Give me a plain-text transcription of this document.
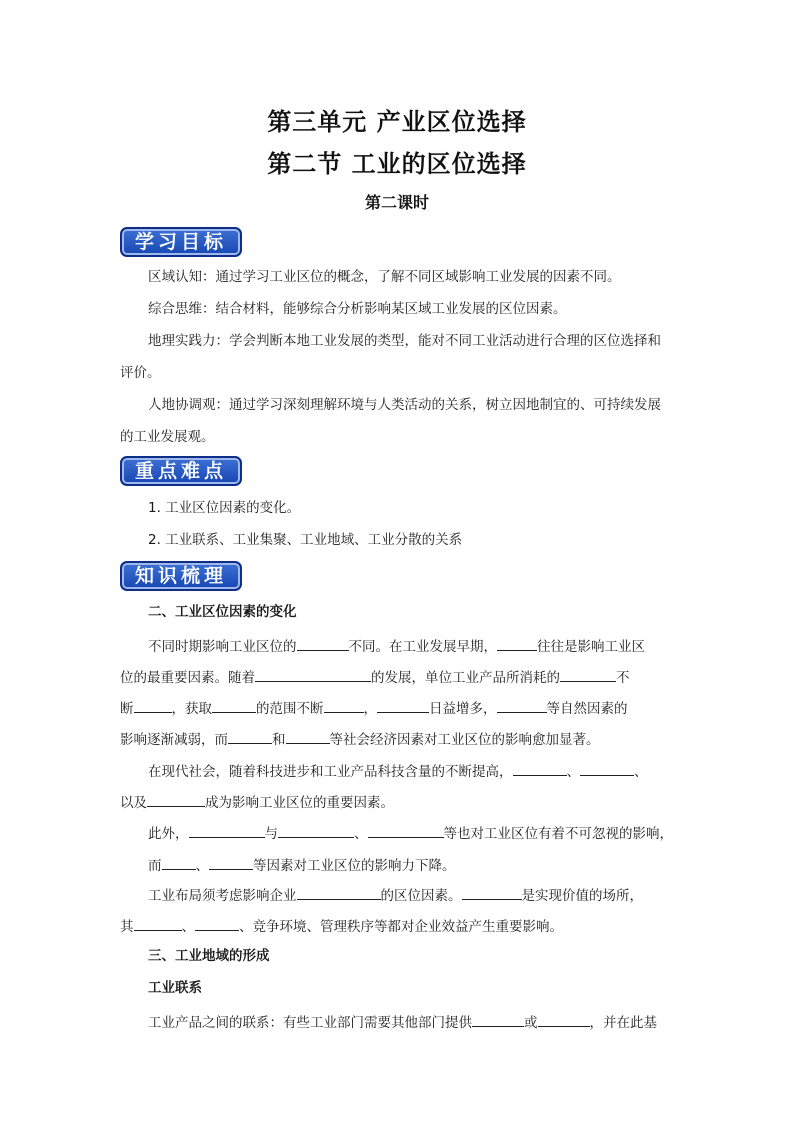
第三单元 产业区位选择
第二节 工业的区位选择
第二课时
学习目标
区域认知：通过学习工业区位的概念，了解不同区域影响工业发展的因素不同。
综合思维：结合材料，能够综合分析影响某区域工业发展的区位因素。
地理实践力：学会判断本地工业发展的类型，能对不同工业活动进行合理的区位选择和
评价。
人地协调观：通过学习深刻理解环境与人类活动的关系，树立因地制宜的、可持续发展
的工业发展观。
重点难点
1. 工业区位因素的变化。
2. 工业联系、工业集聚、工业地域、工业分散的关系
知识梳理
二、工业区位因素的变化
不同时期影响工业区位的	不同。在工业发展早期，	往往是影响工业区
位的最重要因素。随着	的发展，单位工业产品所消耗的	不
断	，获取	的范围不断	，	日益增多，	等自然因素的
影响逐渐减弱，而	和	等社会经济因素对工业区位的影响愈加显著。
在现代社会，随着科技进步和工业产品科技含量的不断提高，	、	、
以及	成为影响工业区位的重要因素。
此外，	与	、	等也对工业区位有着不可忽视的影响，
而	、	等因素对工业区位的影响力下降。
工业布局须考虑影响企业	的区位因素。	是实现价值的场所，
其	、	、竞争环境、管理秩序等都对企业效益产生重要影响。
三、工业地域的形成
工业联系
工业产品之间的联系：有些工业部门需要其他部门提供	或	，并在此基
